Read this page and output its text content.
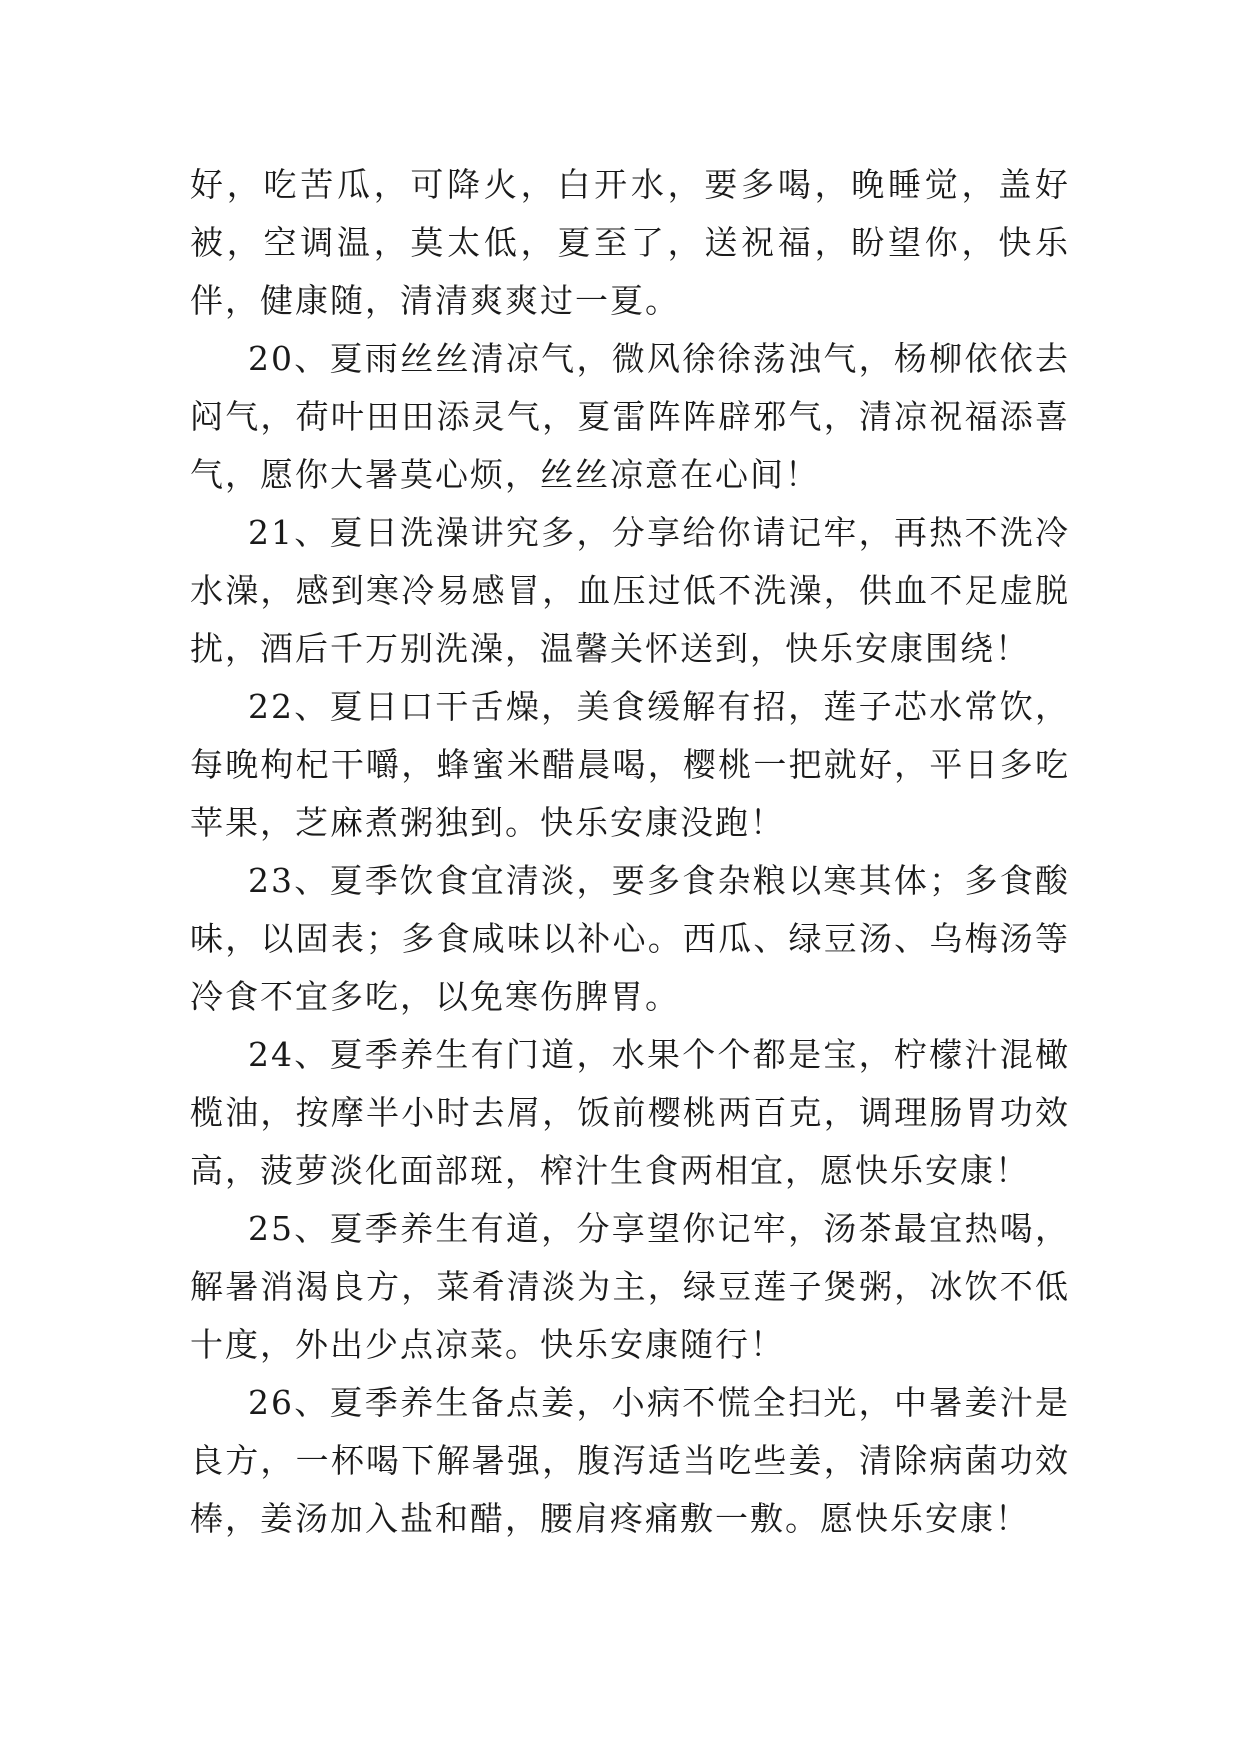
好，吃苦瓜，可降火，白开水，要多喝，晚睡觉，盖好被，空调温，莫太低，夏至了，送祝福，盼望你，快乐伴，健康随，清清爽爽过一夏。

20、夏雨丝丝清凉气，微风徐徐荡浊气，杨柳依依去闷气，荷叶田田添灵气，夏雷阵阵辟邪气，清凉祝福添喜气，愿你大暑莫心烦，丝丝凉意在心间！

21、夏日洗澡讲究多，分享给你请记牢，再热不洗冷水澡，感到寒冷易感冒，血压过低不洗澡，供血不足虚脱扰，酒后千万别洗澡，温馨关怀送到，快乐安康围绕！

22、夏日口干舌燥，美食缓解有招，莲子芯水常饮，每晚枸杞干嚼，蜂蜜米醋晨喝，樱桃一把就好，平日多吃苹果，芝麻煮粥独到。快乐安康没跑！

23、夏季饮食宜清淡，要多食杂粮以寒其体；多食酸味，以固表；多食咸味以补心。西瓜、绿豆汤、乌梅汤等冷食不宜多吃，以免寒伤脾胃。

24、夏季养生有门道，水果个个都是宝，柠檬汁混橄榄油，按摩半小时去屑，饭前樱桃两百克，调理肠胃功效高，菠萝淡化面部斑，榨汁生食两相宜，愿快乐安康！

25、夏季养生有道，分享望你记牢，汤茶最宜热喝，解暑消渴良方，菜肴清淡为主，绿豆莲子煲粥，冰饮不低十度，外出少点凉菜。快乐安康随行！

26、夏季养生备点姜，小病不慌全扫光，中暑姜汁是良方，一杯喝下解暑强，腹泻适当吃些姜，清除病菌功效棒，姜汤加入盐和醋，腰肩疼痛敷一敷。愿快乐安康！
